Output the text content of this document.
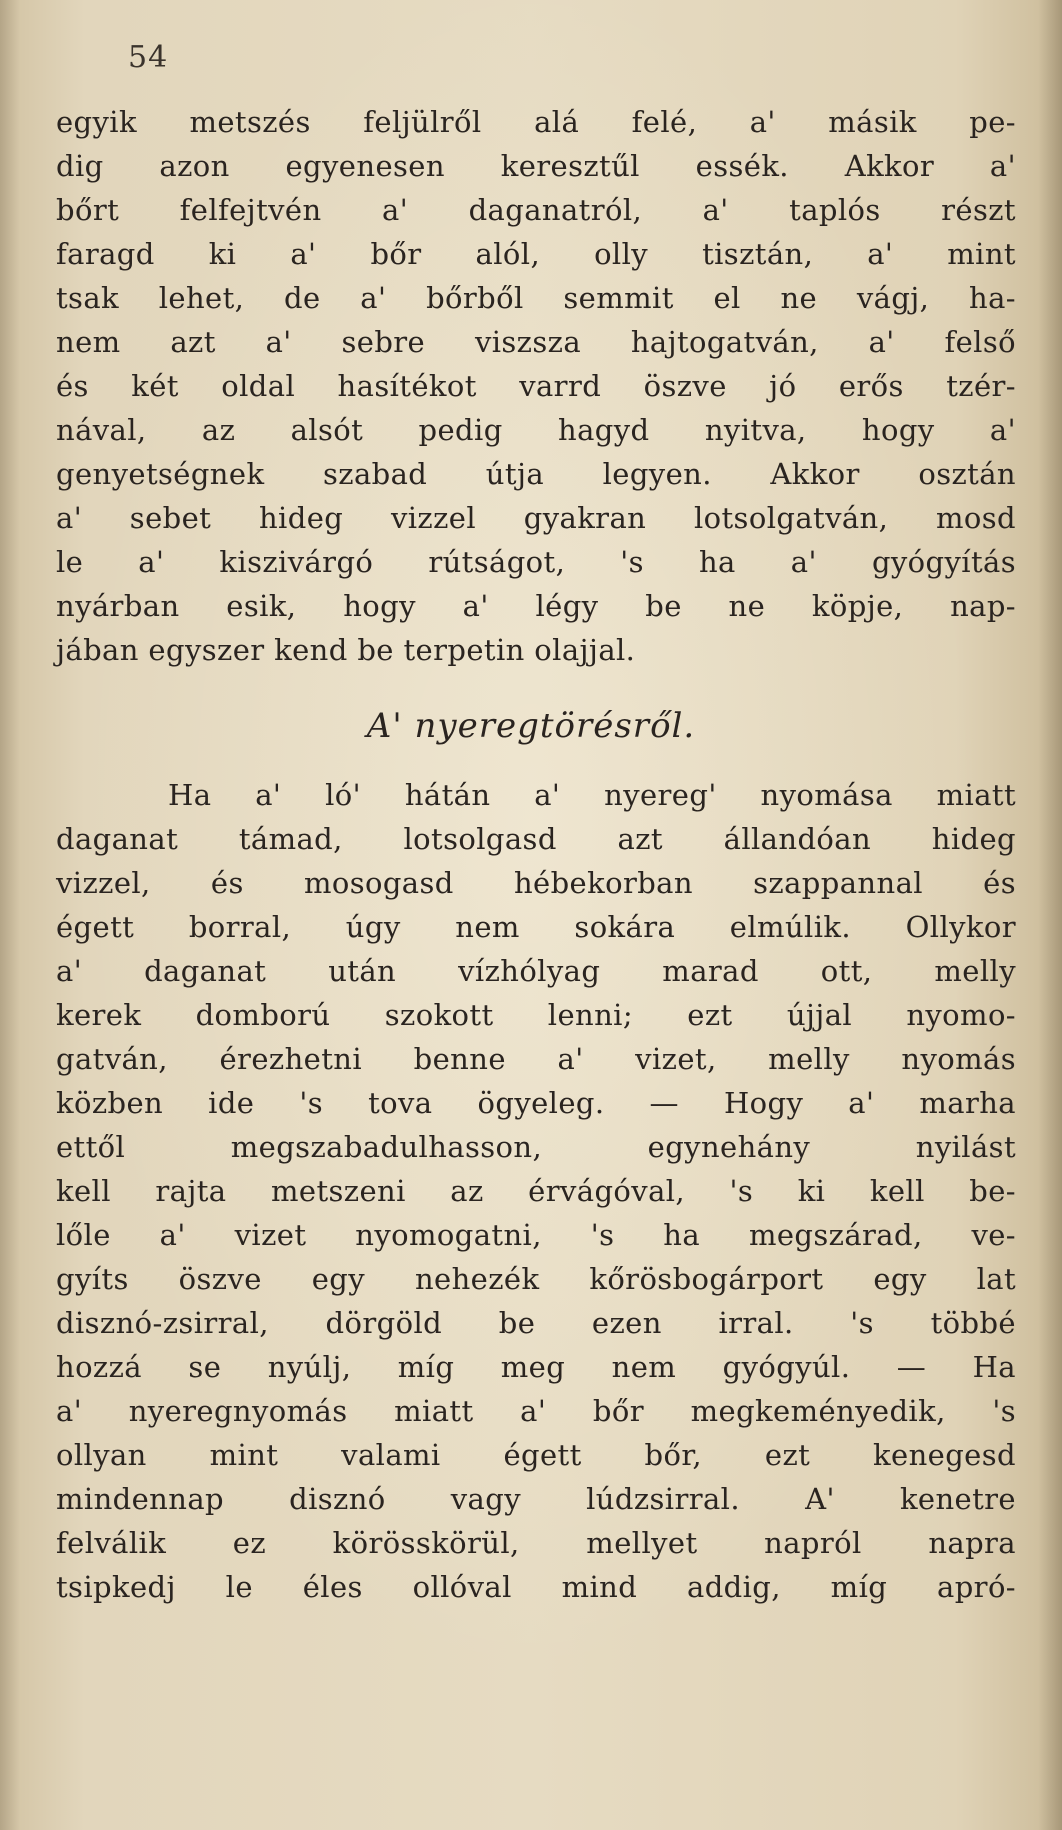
54
egyik metszés feljülről alá felé, a' másik pe-
dig azon egyenesen keresztűl essék. Akkor a'
bőrt felfejtvén a' daganatról, a' taplós részt
faragd ki a' bőr alól, olly tisztán, a' mint
tsak lehet, de a' bőrből semmit el ne vágj, ha-
nem azt a' sebre viszsza hajtogatván, a' felső
és két oldal hasítékot varrd öszve jó erős tzér-
nával, az alsót pedig hagyd nyitva, hogy a'
genyetségnek szabad útja legyen. Akkor osztán
a' sebet hideg vizzel gyakran lotsolgatván, mosd
le a' kiszivárgó rútságot, 's ha a' gyógyítás
nyárban esik, hogy a' légy be ne köpje, nap-
jában egyszer kend be terpetin olajjal.
A' nyeregtörésről.
Ha a' ló' hátán a' nyereg' nyomása miatt
daganat támad, lotsolgasd azt állandóan hideg
vizzel, és mosogasd hébekorban szappannal és
égett borral, úgy nem sokára elmúlik. Ollykor
a' daganat után vízhólyag marad ott, melly
kerek domború szokott lenni; ezt újjal nyomo-
gatván, érezhetni benne a' vizet, melly nyomás
közben ide 's tova ögyeleg. — Hogy a' marha
ettől megszabadulhasson, egynehány nyilást
kell rajta metszeni az érvágóval, 's ki kell be-
lőle a' vizet nyomogatni, 's ha megszárad, ve-
gyíts öszve egy nehezék kőrösbogárport egy lat
disznó-zsirral, dörgöld be ezen irral. 's többé
hozzá se nyúlj, míg meg nem gyógyúl. — Ha
a' nyeregnyomás miatt a' bőr megkeményedik, 's
ollyan mint valami égett bőr, ezt kenegesd
mindennap disznó vagy lúdzsirral. A' kenetre
felválik ez körösskörül, mellyet napról napra
tsipkedj le éles ollóval mind addig, míg apró-
